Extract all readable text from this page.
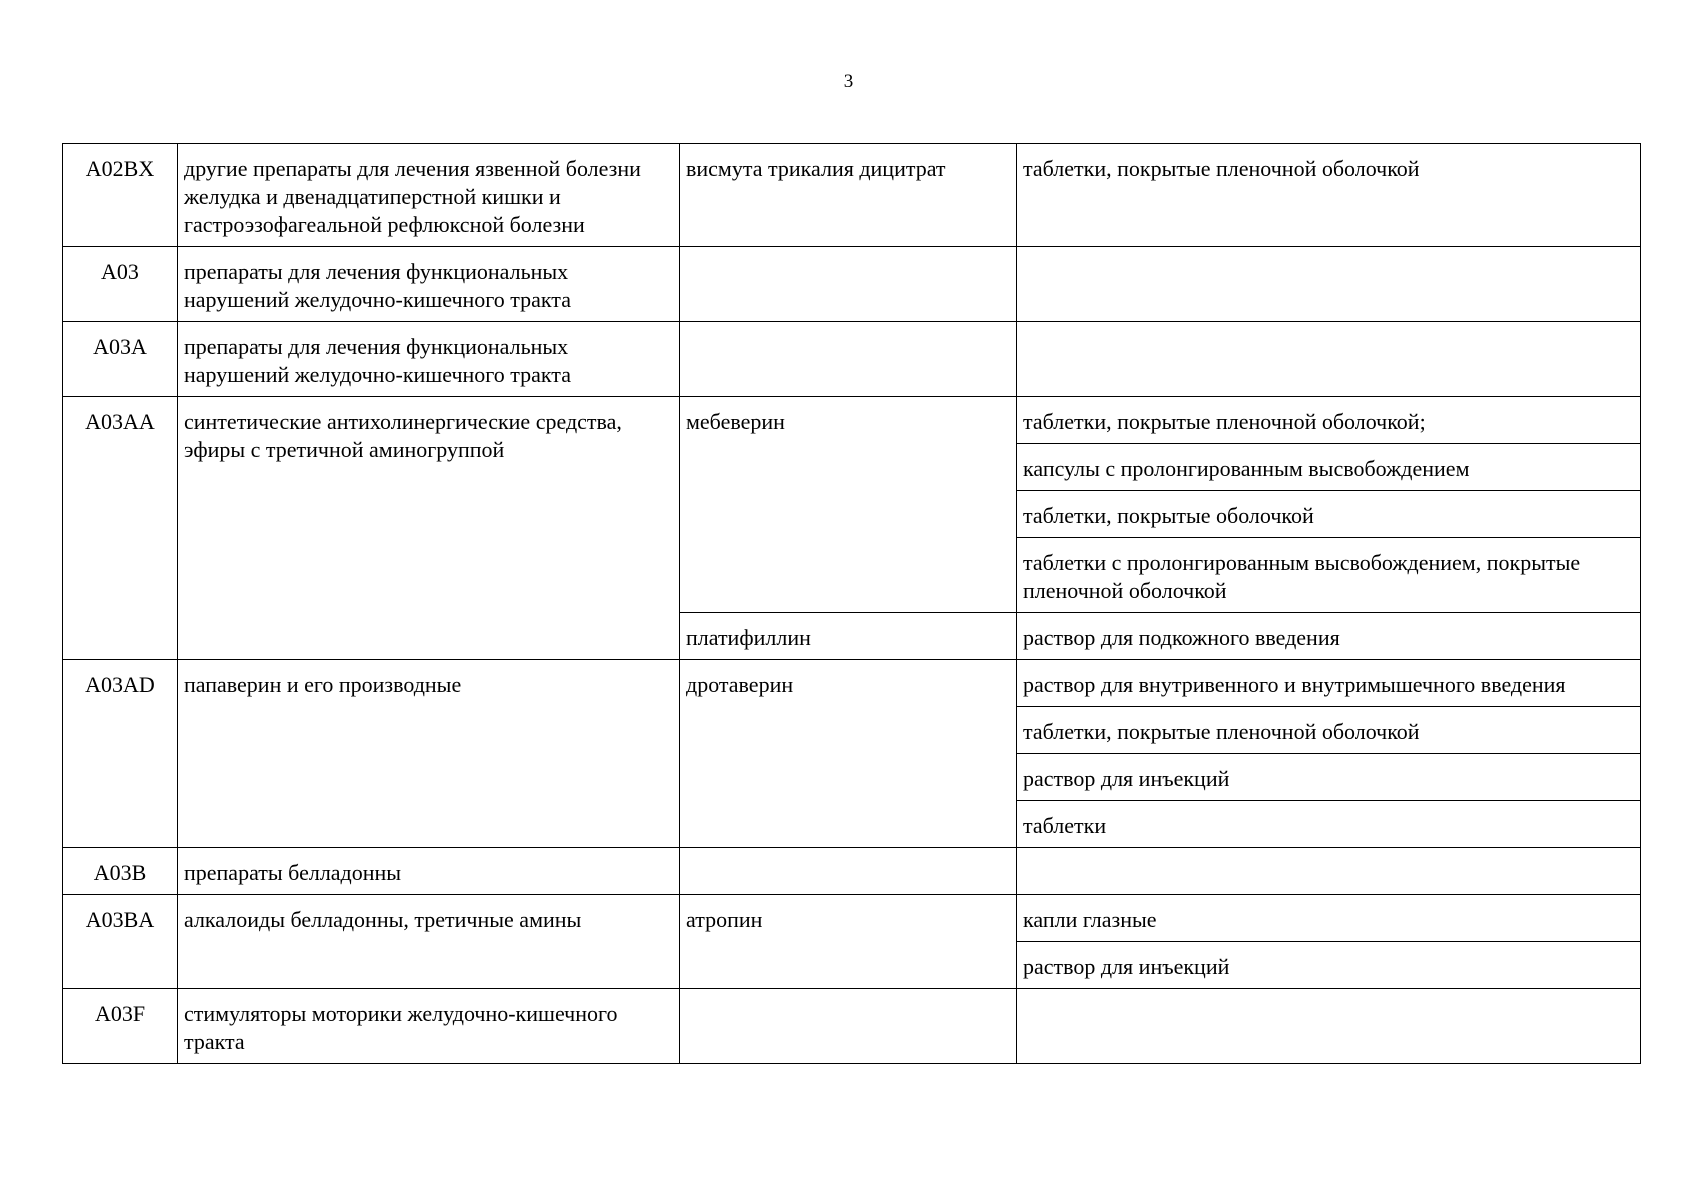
3
A02BX	другие препараты для лечения язвенной болезни желудка и двенадцатиперстной кишки и гастроэзофагеальной рефлюксной болезни	висмута трикалия дицитрат	таблетки, покрытые пленочной оболочкой
A03	препараты для лечения функциональных нарушений желудочно-кишечного тракта		
A03A	препараты для лечения функциональных нарушений желудочно-кишечного тракта		
A03AA	синтетические антихолинергические средства, эфиры с третичной аминогруппой	мебеверин	таблетки, покрытые пленочной оболочкой;
			капсулы с пролонгированным высвобождением
			таблетки, покрытые оболочкой
			таблетки с пролонгированным высвобождением, покрытые пленочной оболочкой
		платифиллин	раствор для подкожного введения
A03AD	папаверин и его производные	дротаверин	раствор для внутривенного и внутримышечного введения
			таблетки, покрытые пленочной оболочкой
			раствор для инъекций
			таблетки
A03B	препараты белладонны		
A03BA	алкалоиды белладонны, третичные амины	атропин	капли глазные
			раствор для инъекций
A03F	стимуляторы моторики желудочно-кишечного тракта		
